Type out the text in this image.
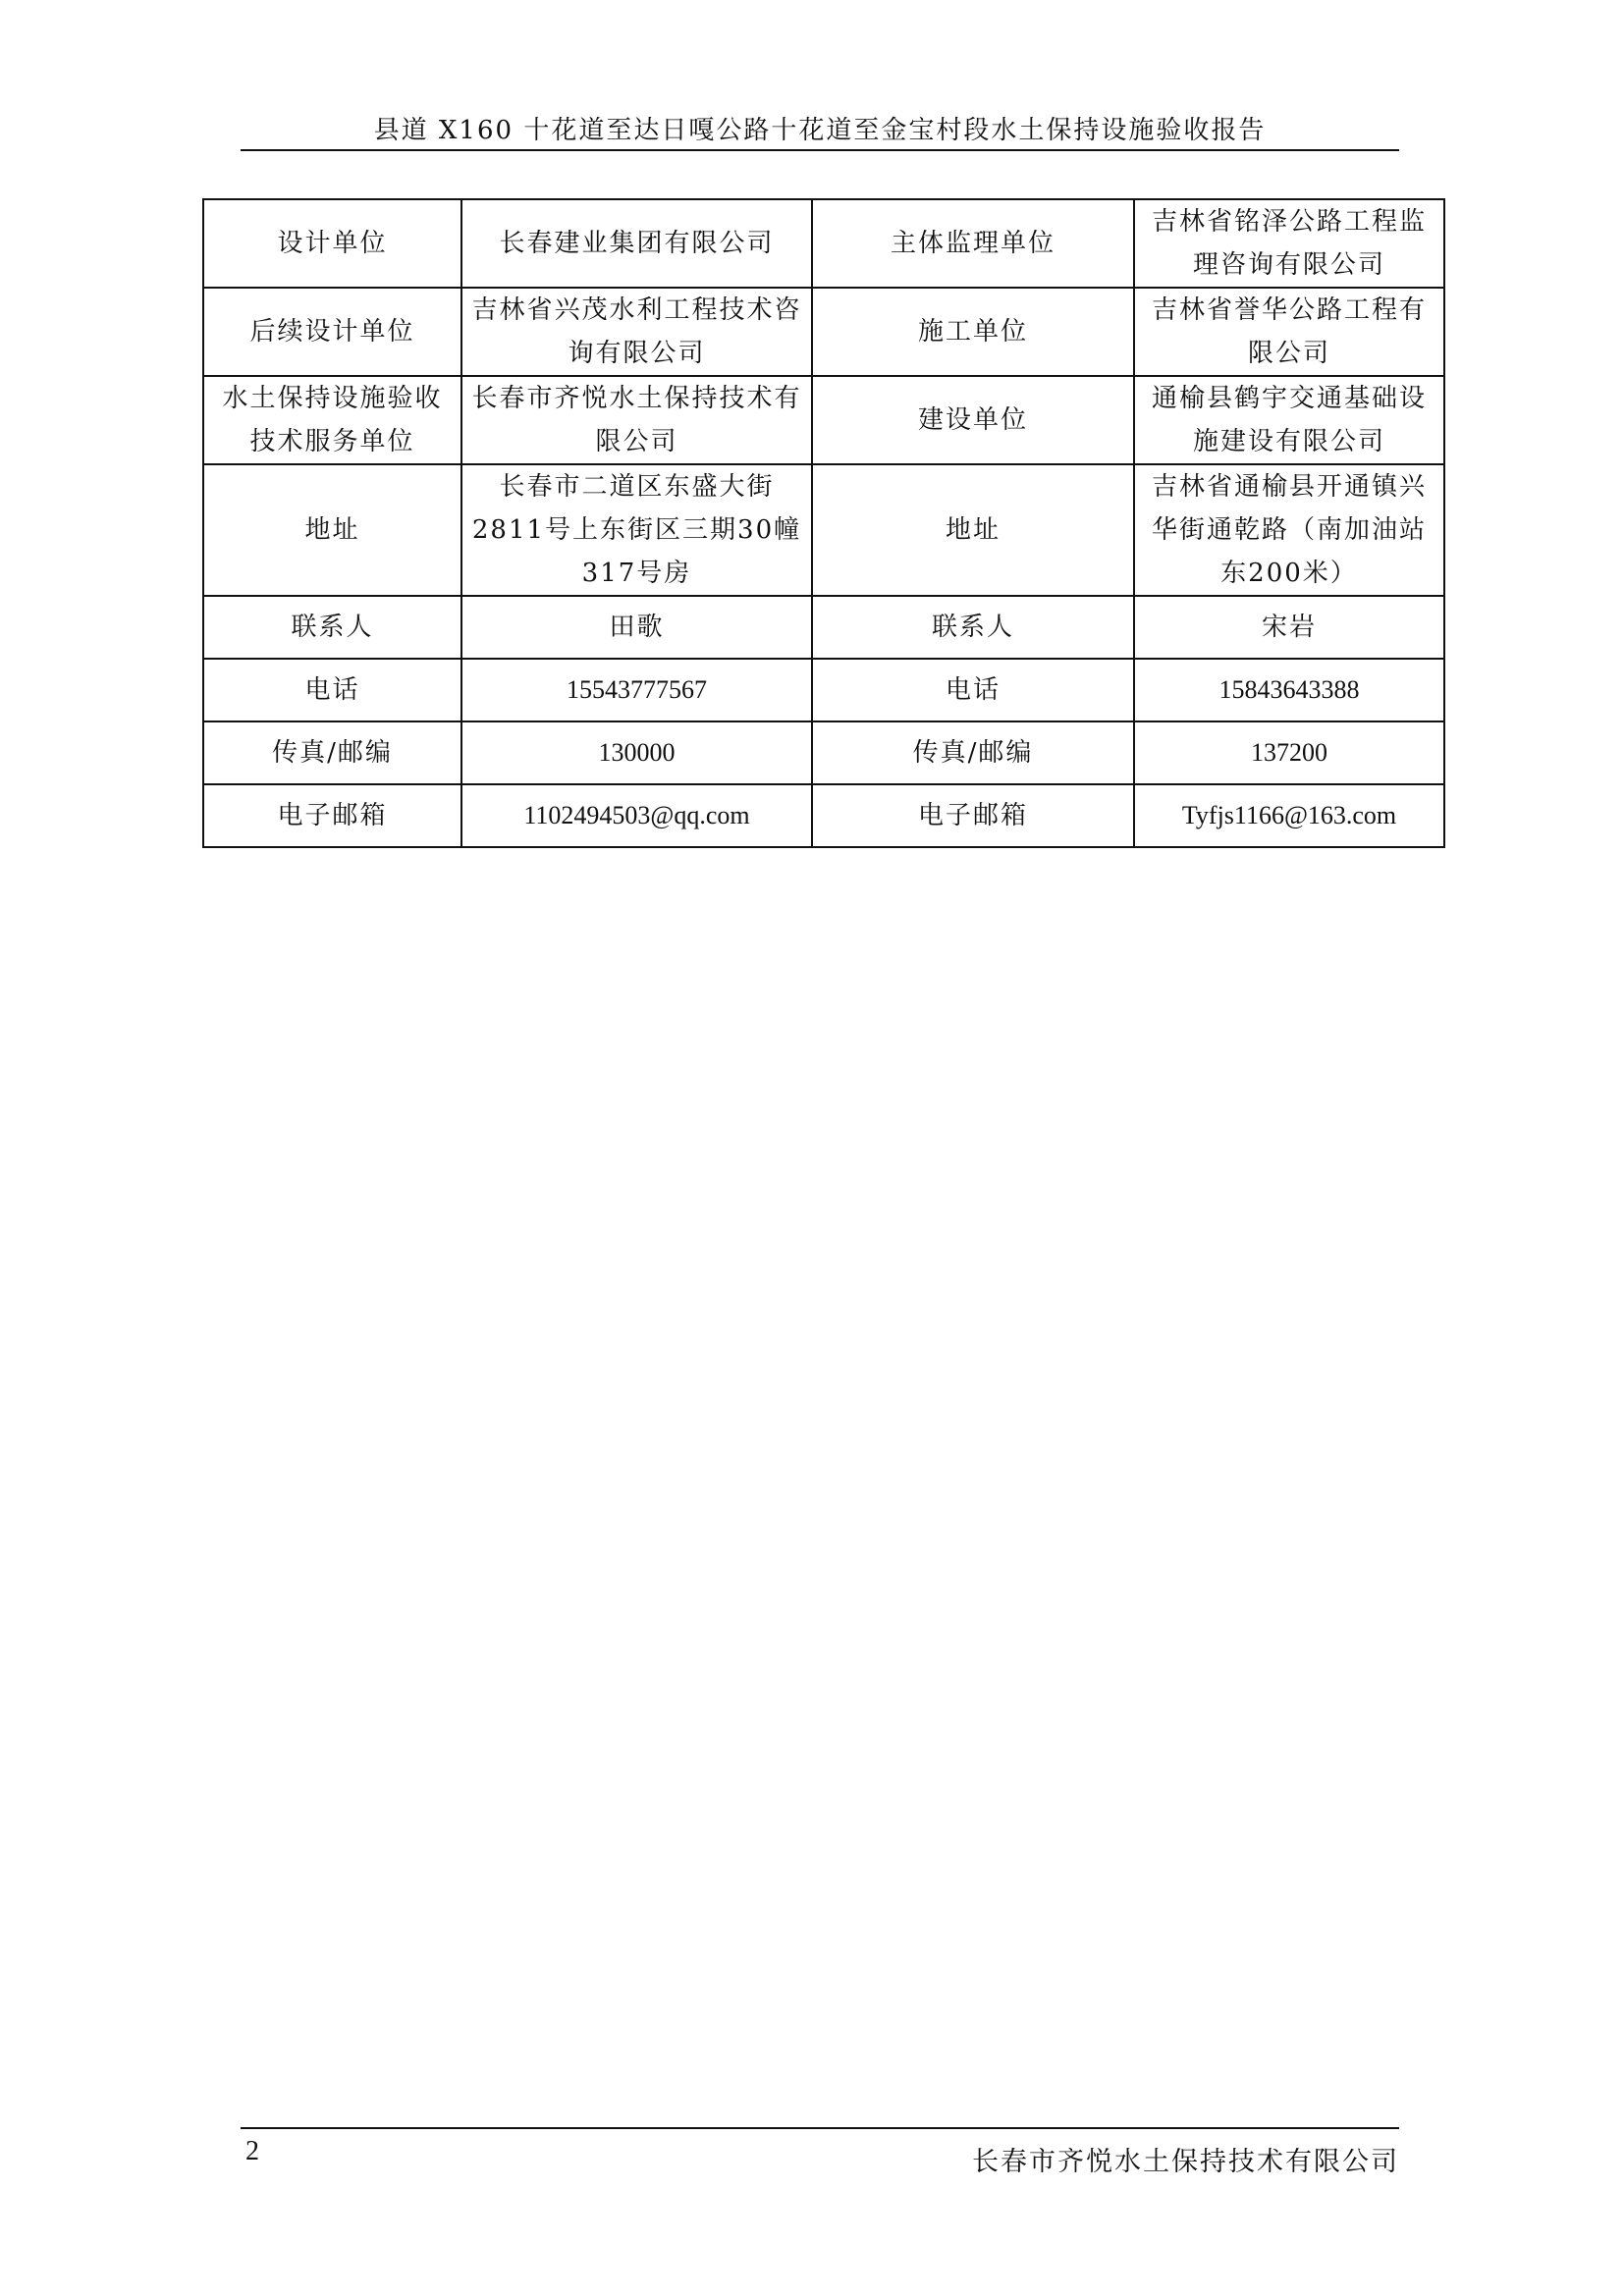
县道 X160 十花道至达日嘎公路十花道至金宝村段水土保持设施验收报告
设计单位	长春建业集团有限公司	主体监理单位	吉林省铭泽公路工程监理咨询有限公司
后续设计单位	吉林省兴茂水利工程技术咨询有限公司	施工单位	吉林省誉华公路工程有限公司
水土保持设施验收技术服务单位	长春市齐悦水土保持技术有限公司	建设单位	通榆县鹤宇交通基础设施建设有限公司
地址	长春市二道区东盛大街2811号上东街区三期30幢317号房	地址	吉林省通榆县开通镇兴华街通乾路（南加油站东200米）
联系人	田歌	联系人	宋岩
电话	15543777567	电话	15843643388
传真/邮编	130000	传真/邮编	137200
电子邮箱	1102494503@qq.com	电子邮箱	Tyfjs1166@163.com
2	长春市齐悦水土保持技术有限公司
